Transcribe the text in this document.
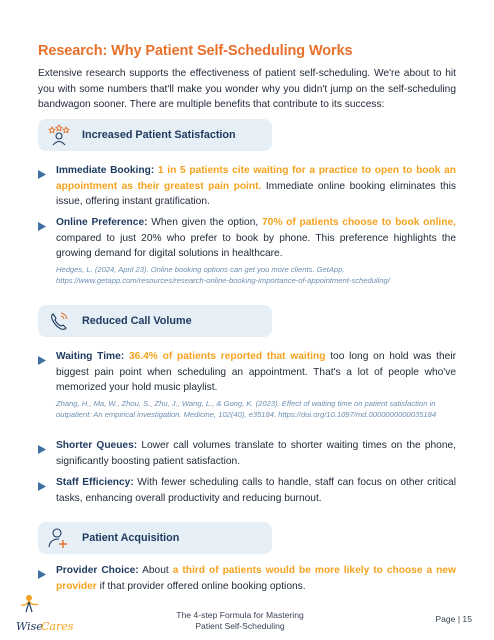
Research: Why Patient Self-Scheduling Works
Extensive research supports the effectiveness of patient self-scheduling. We're about to hit you with some numbers that'll make you wonder why you didn't jump on the self-scheduling bandwagon sooner. There are multiple benefits that contribute to its success:
Increased Patient Satisfaction
Immediate Booking: 1 in 5 patients cite waiting for a practice to open to book an appointment as their greatest pain point. Immediate online booking eliminates this issue, offering instant gratification.
Online Preference: When given the option, 70% of patients choose to book online, compared to just 20% who prefer to book by phone. This preference highlights the growing demand for digital solutions in healthcare.
Hedges, L. (2024, April 23). Online booking options can get you more clients. GetApp. https://www.getapp.com/resources/research-online-booking-importance-of-appointment-scheduling/
Reduced Call Volume
Waiting Time: 36.4% of patients reported that waiting too long on hold was their biggest pain point when scheduling an appointment. That's a lot of people who've memorized your hold music playlist.
Zhang, H., Ma, W., Zhou, S., Zhu, J., Wang, L., & Gong, K. (2023). Effect of waiting time on patient satisfaction in outpatient: An empirical investigation. Medicine, 102(40), e35184. https://doi.org/10.1097/md.0000000000035184
Shorter Queues: Lower call volumes translate to shorter waiting times on the phone, significantly boosting patient satisfaction.
Staff Efficiency: With fewer scheduling calls to handle, staff can focus on other critical tasks, enhancing overall productivity and reducing burnout.
Patient Acquisition
Provider Choice: About a third of patients would be more likely to choose a new provider if that provider offered online booking options.
Wise
Cares
The 4-step Formula for Mastering
Patient Self-Scheduling
Page | 15
